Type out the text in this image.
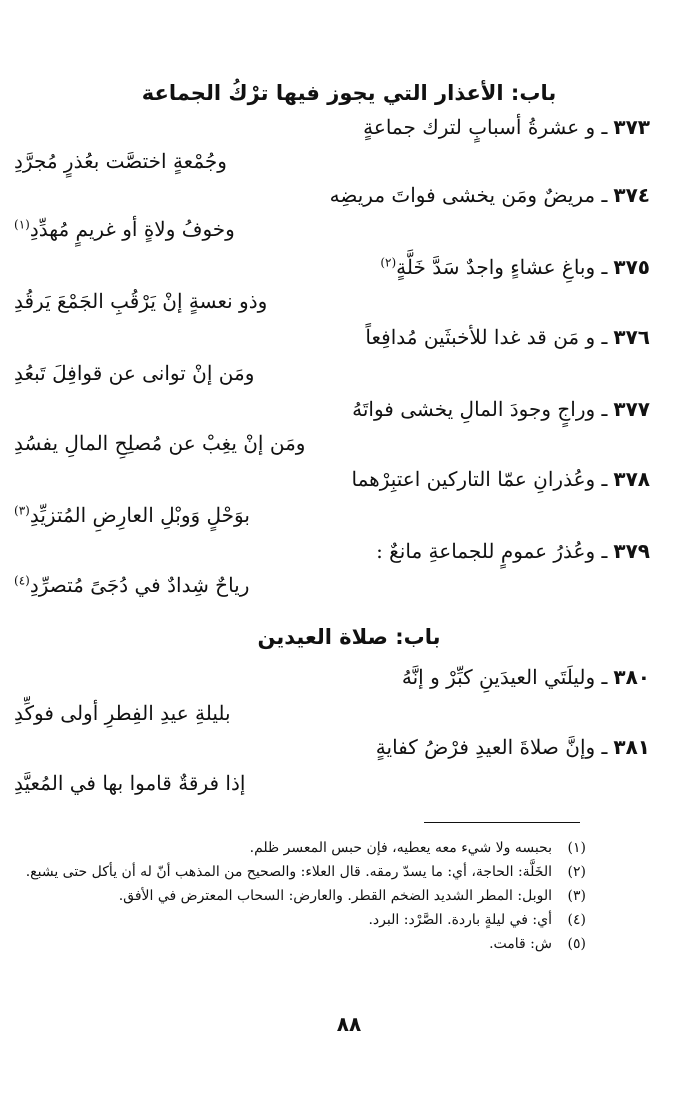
باب: الأعذار التي يجوز فيها ترْكُ الجماعة
٣٧٣ـ و عشرةُ أسبابٍ لترك جماعةٍ
وجُمْعةٍ اختصَّت بعُذرٍ مُجرَّدِ
٣٧٤ـ مريضٌ ومَن يخشى فواتَ مريضِه
وخوفُ ولاةٍ أو غريمٍ مُهدِّدِ$^{(١)}$
٣٧٥ـ وباغِ عشاءٍ واجدٌ سَدَّ خَلَّةٍ$^{(٢)}$
وذو نعسةٍ إنْ يَرْقُبِ الجَمْعَ يَرقُدِ
٣٧٦ـ و مَن قد غدا للأخبثَين مُدافِعاً
ومَن إنْ توانى عن قوافِلَ تَبعُدِ
٣٧٧ـ وراجٍ وجودَ المالِ يخشى فواتَهُ
ومَن إنْ يغِبْ عن مُصلِحِ المالِ يفسُدِ
٣٧٨ـ وعُذرانِ عمّا التاركين اعتبِرْهما
بوَحْلٍ وَوبْلِ العارِضِ المُتزيِّدِ$^{(٣)}$
٣٧٩ـ وعُذرُ عمومٍ للجماعةِ مانعٌ :
رياحٌ شِدادٌ في دُجَىً مُتصرِّدِ$^{(٤)}$
باب: صلاة العيدين
٣٨٠ـ وليلَتَي العيدَينِ كبِّرْ و إنَّهُ
بليلةِ عيدِ الفِطرِ أولى فوكِّدِ
٣٨١ـ وإنَّ صلاةَ العيدِ فرْضُ كفايةٍ
إذا فرقةٌ قاموا بها في المُعيَّدِ
(١)
بحبسه ولا شيء معه يعطيه، فإن حبس المعسر ظلم.
(٢)
الخَلَّة: الحاجة، أي: ما يسدّ رمقه. قال العلاء: والصحيح من المذهب أنّ له أن يأكل حتى يشبع.
(٣)
الوبل: المطر الشديد الضخم القطر. والعارض: السحاب المعترض في الأفق.
(٤)
أي: في ليلةٍ باردة. الصَّرْد: البرد.
(٥)
ش: قامت.
٨٨
